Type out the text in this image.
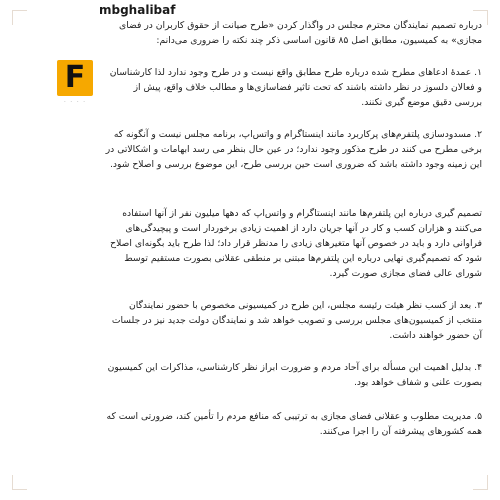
mbghalibaf
F
· · · ·

درباره تصمیم نمایندگان محترم مجلس در واگذار کردن «طرح صیانت از حقوق کاربران در فضای مجازی» به کمیسیون، مطابق اصل ۸۵ قانون اساسی ذکر چند نکته را ضروری می‌دانم:

۱. عمدهٔ ادعاهای مطرح شده درباره طرح مطابق واقع نیست و در طرح وجود ندارد لذا کارشناسان و فعالان دلسوز در نظر داشته باشند که تحت تاثیر فضاسازی‌ها و مطالب خلاف واقع، پیش از بررسی دقیق موضع گیری نکنند.

۲. مسدودسازی پلتفرم‌های پرکاربرد مانند اینستاگرام و واتس‌اپ، برنامه مجلس نیست و آنگونه که برخی مطرح می کنند در طرح مذکور وجود ندارد؛ در عین حال بنظر می رسد ابهامات و اشکالاتی در این زمینه وجود داشته باشد که ضروری است حین بررسی طرح، این موضوع بررسی و اصلاح شود.

تصمیم گیری درباره این پلتفرم‌ها مانند اینستاگرام و واتس‌اپ که دهها میلیون نفر از آنها استفاده می‌کنند و هزاران کسب و کار در آنها جریان دارد از اهمیت زیادی برخوردار است و پیچیدگی‌های فراوانی دارد و باید در خصوص آنها متغیرهای زیادی را مدنظر قرار داد؛ لذا طرح باید بگونه‌ای اصلاح شود که تصمیم‌گیری نهایی درباره این پلتفرم‌ها مبتنی بر منطقی عقلانی بصورت مستقیم توسط شورای عالی فضای مجازی صورت گیرد.

۳. بعد از کسب نظر هیئت رئیسه مجلس، این طرح در کمیسیونی مخصوص با حضور نمایندگان منتخب از کمیسیون‌های مجلس بررسی و تصویب خواهد شد و نمایندگان دولت جدید نیز در جلسات آن حضور خواهند داشت.

۴. بدلیل اهمیت این مسأله برای آحاد مردم و ضرورت ابراز نظر کارشناسی، مذاکرات این کمیسیون بصورت علنی و شفاف خواهد بود.

۵. مدیریت مطلوب و عقلانی فضای مجازی به ترتیبی که منافع مردم را تأمین کند، ضرورتی است که همه کشورهای پیشرفته آن را اجرا می‌کنند.
